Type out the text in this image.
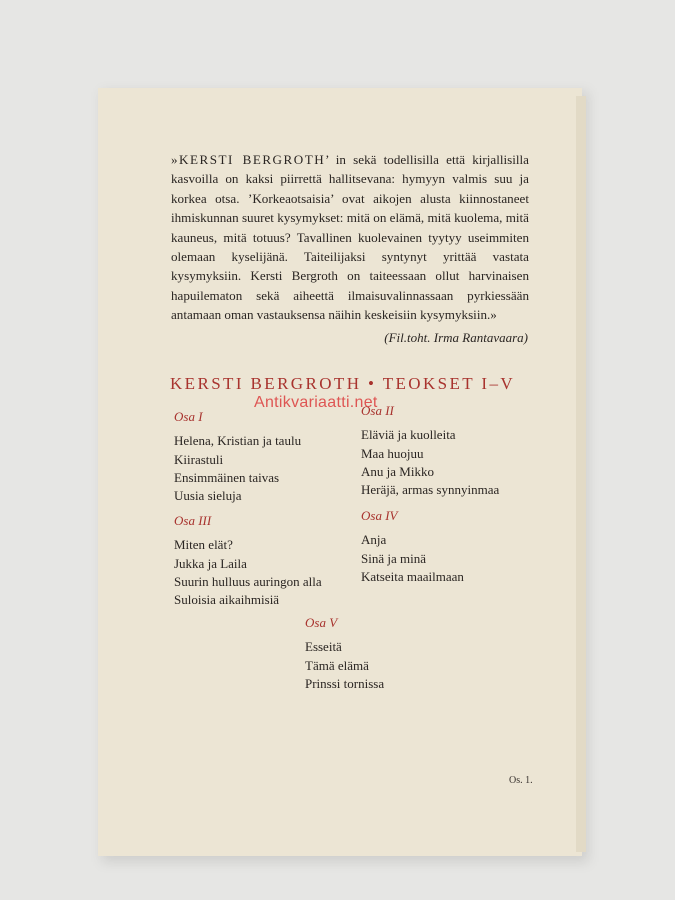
»KERSTI BERGROTH’ in sekä todellisilla että kirjallisilla kasvoilla on kaksi piirrettä hallitsevana: hymyyn valmis suu ja korkea otsa. ’Korkeaotsaisia’ ovat aikojen alusta kiinnostaneet ihmiskunnan suuret kysymykset: mitä on elämä, mitä kuolema, mitä kauneus, mitä totuus? Tavallinen kuolevainen tyytyy useimmiten olemaan kyselijänä. Taiteilijaksi syntynyt yrittää vastata kysymyksiin. Kersti Bergroth on taiteessaan ollut harvinaisen hapuilematon sekä aiheettä ilmaisuvalinnassaan pyrkiessään antamaan oman vastauksensa näihin keskeisiin kysymyksiin.»
(Fil.toht. Irma Rantavaara)
KERSTI BERGROTH • TEOKSET I–V
Osa I
Helena, Kristian ja taulu
Kiirastuli
Ensimmäinen taivas
Uusia sieluja
Osa II
Eläviä ja kuolleita
Maa huojuu
Anu ja Mikko
Heräjä, armas synnyinmaa
Osa III
Miten elät?
Jukka ja Laila
Suurin hulluus auringon alla
Suloisia aikaihmisiä
Osa IV
Anja
Sinä ja minä
Katseita maailmaan
Osa V
Esseitä
Tämä elämä
Prinssi tornissa
Antikvariaatti.net
Os. 1.
